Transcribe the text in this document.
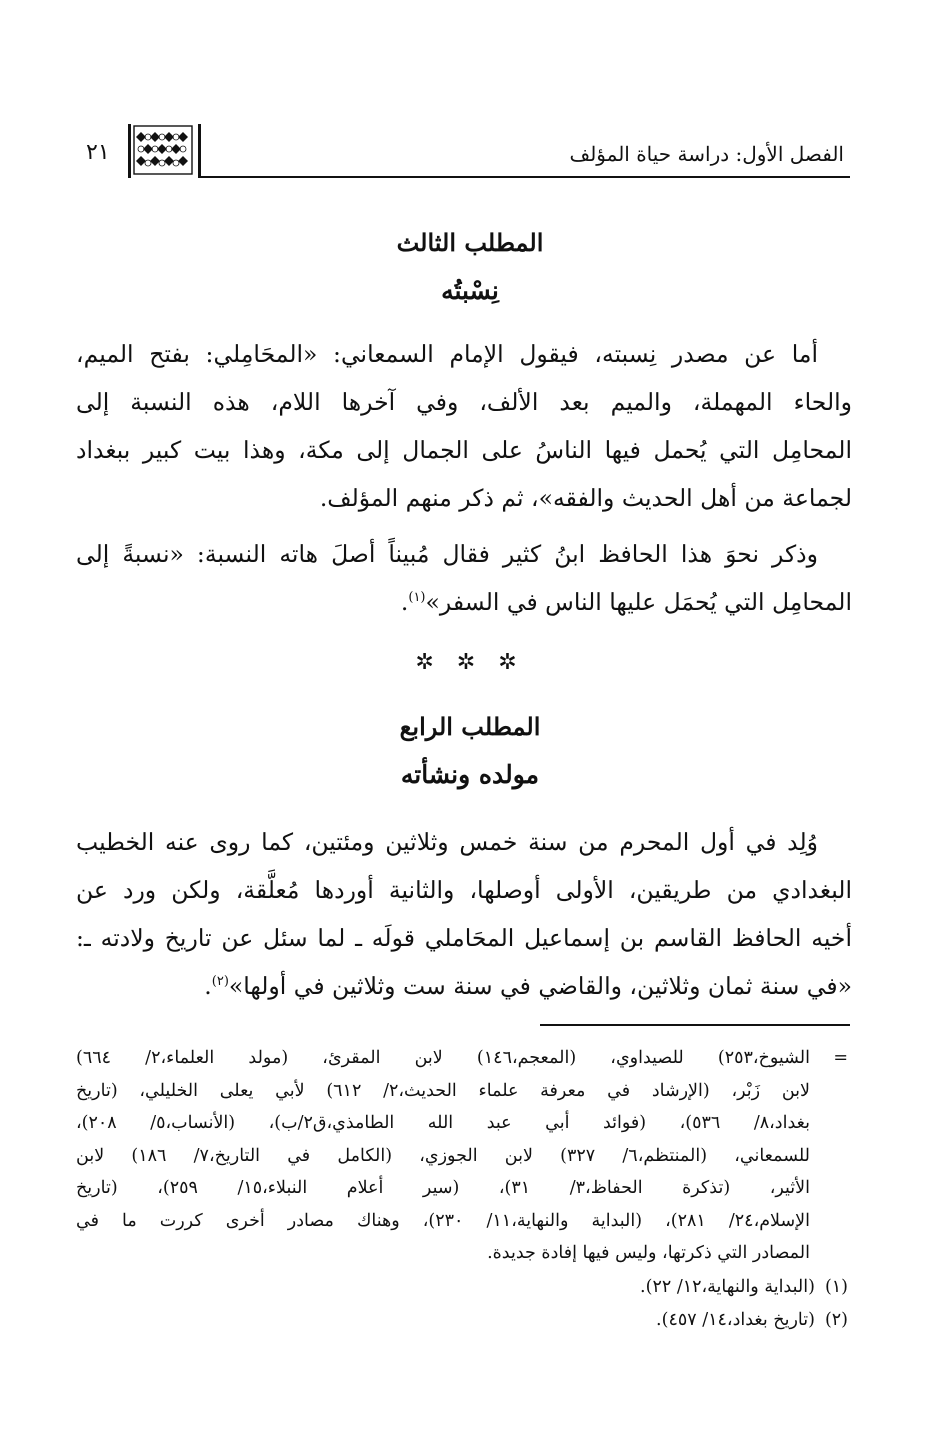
الفصل الأول: دراسة حياة المؤلف
٢١
المطلب الثالث
نِسْبتُه
أما عن مصدر نِسبته، فيقول الإمام السمعاني: «المحَامِلي: بفتح الميم،
والحاء المهملة، والميم بعد الألف، وفي آخرها اللام، هذه النسبة إلى
المحامِل التي يُحمل فيها الناسُ على الجمال إلى مكة، وهذا بيت كبير ببغداد
لجماعة من أهل الحديث والفقه»، ثم ذكر منهم المؤلف.
وذكر نحوَ هذا الحافظ ابنُ كثير فقال مُبيناً أصلَ هاته النسبة: «نسبةً إلى
المحامِل التي يُحمَل عليها الناس في السفر»$^{(١)}$.
✲ ✲ ✲
المطلب الرابع
مولده ونشأته
وُلِد في أول المحرم من سنة خمس وثلاثين ومئتين، كما روى عنه الخطيب
البغدادي من طريقين، الأولى أوصلها، والثانية أوردها مُعلَّقة، ولكن ورد عن
أخيه الحافظ القاسم بن إسماعيل المحَاملي قولَه ـ لما سئل عن تاريخ ولادته ـ:
«في سنة ثمان وثلاثين، والقاضي في سنة ست وثلاثين في أولها»$^{(٢)}$.
=
الشيوخ،٢٥٣) للصيداوي، (المعجم،١٤٦) لابن المقرئ، (مولد العلماء،٢/ ٦٦٤)
لابن زَبْر، (الإرشاد في معرفة علماء الحديث،٢/ ٦١٢) لأبي يعلى الخليلي، (تاريخ
بغداد،٨/ ٥٣٦)، (فوائد أبي عبد الله الطامذي،ق٢/ب)، (الأنساب،٥/ ٢٠٨)،
للسمعاني، (المنتظم،٦/ ٣٢٧) لابن الجوزي، (الكامل في التاريخ،٧/ ١٨٦) لابن
الأثير، (تذكرة الحفاظ،٣/ ٣١)، (سير أعلام النبلاء،١٥/ ٢٥٩)، (تاريخ
الإسلام،٢٤/ ٢٨١)، (البداية والنهاية،١١/ ٢٣٠)، وهناك مصادر أخرى كررت ما في
المصادر التي ذكرتها، وليس فيها إفادة جديدة.
(١)(البداية والنهاية،١٢/ ٢٢).
(٢)(تاريخ بغداد،١٤/ ٤٥٧).
